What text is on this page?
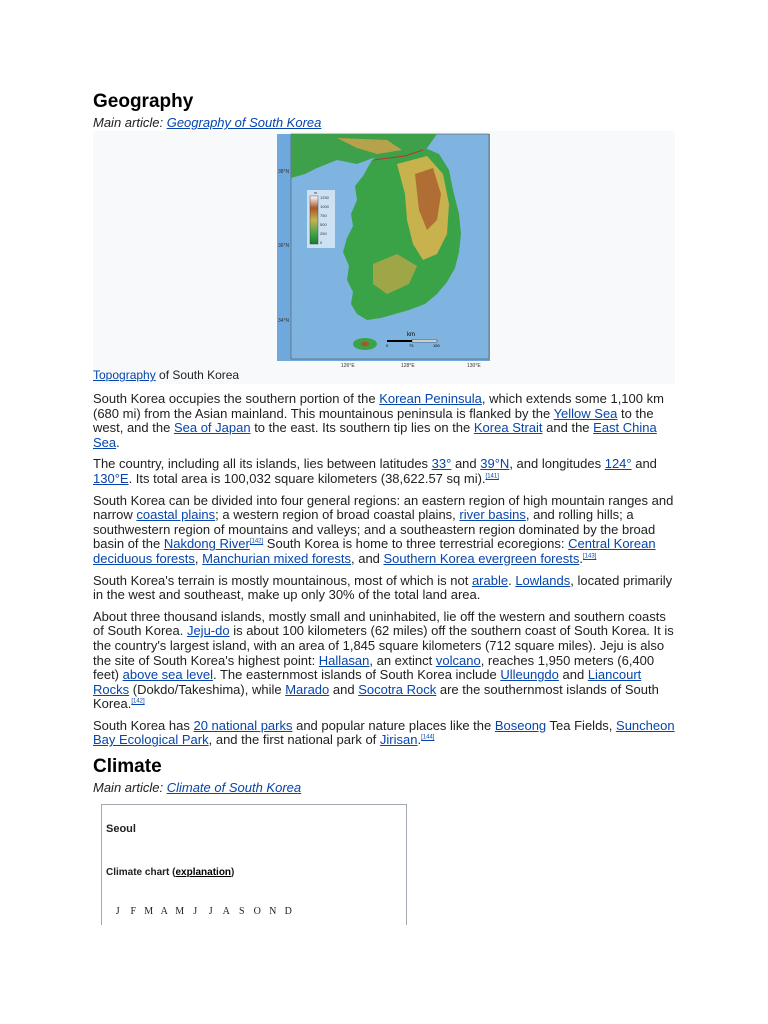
Geography
Main article: Geography of South Korea
38°N
36°N
34°N
126°E	128°E	130°E
m
1250
1000
750
500
250
0
km
0	75	150
Topography of South Korea

South Korea occupies the southern portion of the Korean Peninsula, which extends some 1,100 km (680 mi) from the Asian mainland. This mountainous peninsula is flanked by the Yellow Sea to the west, and the Sea of Japan to the east. Its southern tip lies on the Korea Strait and the East China Sea.

The country, including all its islands, lies between latitudes 33° and 39°N, and longitudes 124° and 130°E. Its total area is 100,032 square kilometers (38,622.57 sq mi).[141]

South Korea can be divided into four general regions: an eastern region of high mountain ranges and narrow coastal plains; a western region of broad coastal plains, river basins, and rolling hills; a southwestern region of mountains and valleys; and a southeastern region dominated by the broad basin of the Nakdong River[142] South Korea is home to three terrestrial ecoregions: Central Korean deciduous forests, Manchurian mixed forests, and Southern Korea evergreen forests.[143]

South Korea's terrain is mostly mountainous, most of which is not arable. Lowlands, located primarily in the west and southeast, make up only 30% of the total land area.

About three thousand islands, mostly small and uninhabited, lie off the western and southern coasts of South Korea. Jeju-do is about 100 kilometers (62 miles) off the southern coast of South Korea. It is the country's largest island, with an area of 1,845 square kilometers (712 square miles). Jeju is also the site of South Korea's highest point: Hallasan, an extinct volcano, reaches 1,950 meters (6,400 feet) above sea level. The easternmost islands of South Korea include Ulleungdo and Liancourt Rocks (Dokdo/Takeshima), while Marado and Socotra Rock are the southernmost islands of South Korea.[142]

South Korea has 20 national parks and popular nature places like the Boseong Tea Fields, Suncheon Bay Ecological Park, and the first national park of Jirisan.[144]

Climate
Main article: Climate of South Korea
Seoul
Climate chart (explanation)
J	F M A M J	J A S O N D
